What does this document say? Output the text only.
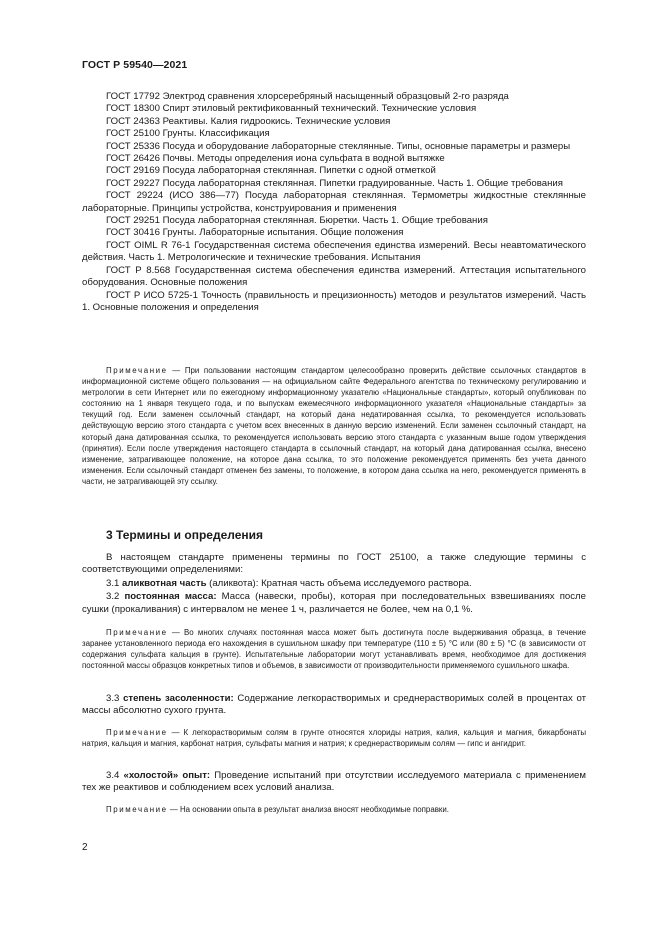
ГОСТ Р 59540—2021

ГОСТ 17792 Электрод сравнения хлорсеребряный насыщенный образцовый 2-го разряда

ГОСТ 18300 Спирт этиловый ректификованный технический. Технические условия

ГОСТ 24363 Реактивы. Калия гидроокись. Технические условия

ГОСТ 25100 Грунты. Классификация

ГОСТ 25336 Посуда и оборудование лабораторные стеклянные. Типы, основные параметры и размеры

ГОСТ 26426 Почвы. Методы определения иона сульфата в водной вытяжке

ГОСТ 29169 Посуда лабораторная стеклянная. Пипетки с одной отметкой

ГОСТ 29227 Посуда лабораторная стеклянная. Пипетки градуированные. Часть 1. Общие требования

ГОСТ 29224 (ИСО 386—77) Посуда лабораторная стеклянная. Термометры жидкостные стеклянные лабораторные. Принципы устройства, конструирования и применения

ГОСТ 29251 Посуда лабораторная стеклянная. Бюретки. Часть 1. Общие требования

ГОСТ 30416 Грунты. Лабораторные испытания. Общие положения

ГОСТ OIML R 76-1 Государственная система обеспечения единства измерений. Весы неавтоматического действия. Часть 1. Метрологические и технические требования. Испытания

ГОСТ Р 8.568 Государственная система обеспечения единства измерений. Аттестация испытательного оборудования. Основные положения

ГОСТ Р ИСО 5725-1 Точность (правильность и прецизионность) методов и результатов измерений. Часть 1. Основные положения и определения

Примечание — При пользовании настоящим стандартом целесообразно проверить действие ссылочных стандартов в информационной системе общего пользования — на официальном сайте Федерального агентства по техническому регулированию и метрологии в сети Интернет или по ежегодному информационному указателю «Национальные стандарты», который опубликован по состоянию на 1 января текущего года, и по выпускам ежемесячного информационного указателя «Национальные стандарты» за текущий год. Если заменен ссылочный стандарт, на который дана недатированная ссылка, то рекомендуется использовать действующую версию этого стандарта с учетом всех внесенных в данную версию изменений. Если заменен ссылочный стандарт, на который дана датированная ссылка, то рекомендуется использовать версию этого стандарта с указанным выше годом утверждения (принятия). Если после утверждения настоящего стандарта в ссылочный стандарт, на который дана датированная ссылка, внесено изменение, затрагивающее положение, на которое дана ссылка, то это положение рекомендуется применять без учета данного изменения. Если ссылочный стандарт отменен без замены, то положение, в котором дана ссылка на него, рекомендуется применять в части, не затрагивающей эту ссылку.

3 Термины и определения

В настоящем стандарте применены термины по ГОСТ 25100, а также следующие термины с соответствующими определениями:

3.1 аликвотная часть (аликвота): Кратная часть объема исследуемого раствора.

3.2 постоянная масса: Масса (навески, пробы), которая при последовательных взвешиваниях после сушки (прокаливания) с интервалом не менее 1 ч, различается не более, чем на 0,1 %.

Примечание — Во многих случаях постоянная масса может быть достигнута после выдерживания образца, в течение заранее установленного периода его нахождения в сушильном шкафу при температуре (110 ± 5) °С или (80 ± 5) °С (в зависимости от содержания сульфата кальция в грунте). Испытательные лаборатории могут устанавливать время, необходимое для достижения постоянной массы образцов конкретных типов и объемов, в зависимости от производительности применяемого сушильного шкафа.

3.3 степень засоленности: Содержание легкорастворимых и среднерастворимых солей в процентах от массы абсолютно сухого грунта.

Примечание — К легкорастворимым солям в грунте относятся хлориды натрия, калия, кальция и магния, бикарбонаты натрия, кальция и магния, карбонат натрия, сульфаты магния и натрия; к среднерастворимым солям — гипс и ангидрит.

3.4 «холостой» опыт: Проведение испытаний при отсутствии исследуемого материала с применением тех же реактивов и соблюдением всех условий анализа.

Примечание — На основании опыта в результат анализа вносят необходимые поправки.

2
